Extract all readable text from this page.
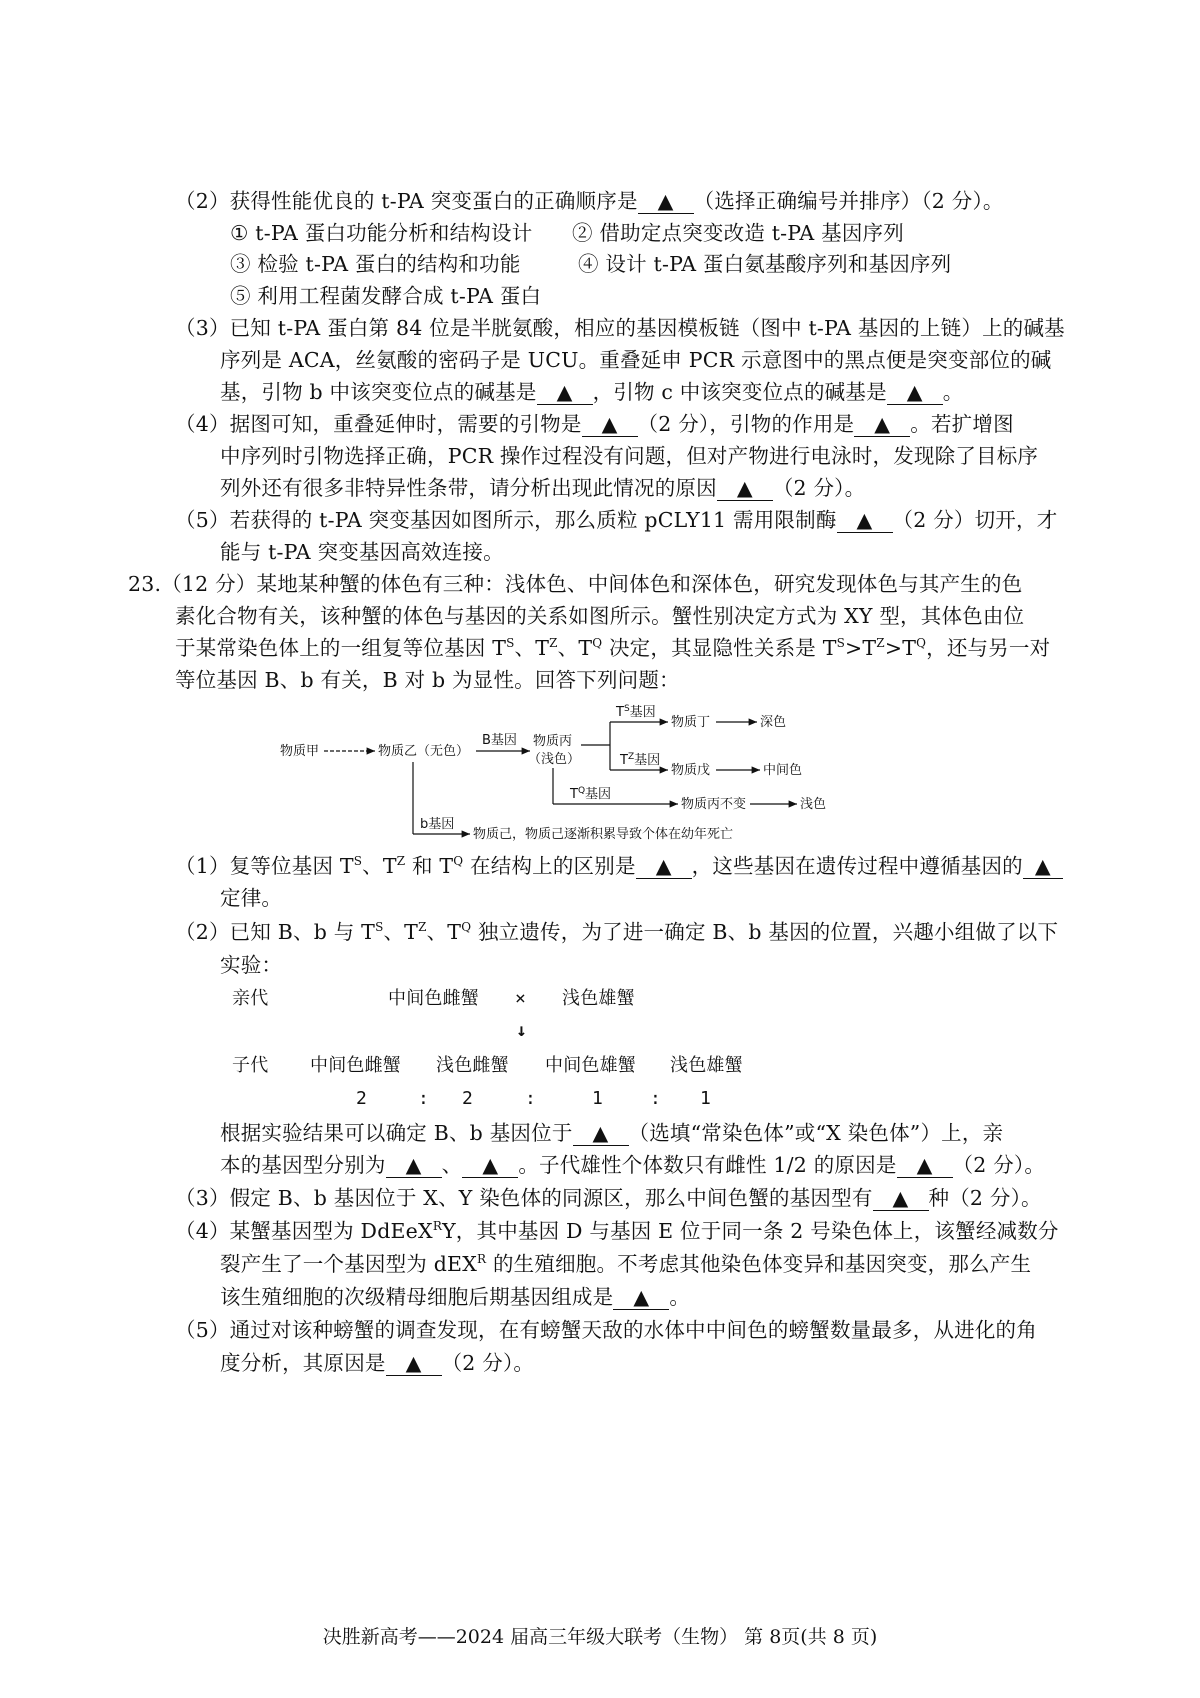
（2）获得性能优良的 t-PA 突变蛋白的正确顺序是 ▲ （选择正确编号并排序）（2 分）。
① t-PA 蛋白功能分析和结构设计 ② 借助定点突变改造 t-PA 基因序列
③ 检验 t-PA 蛋白的结构和功能	④ 设计 t-PA 蛋白氨基酸序列和基因序列
⑤ 利用工程菌发酵合成 t-PA 蛋白
（3）已知 t-PA 蛋白第 84 位是半胱氨酸，相应的基因模板链（图中 t-PA 基因的上链）上的碱基
序列是 ACA，丝氨酸的密码子是 UCU。重叠延申 PCR 示意图中的黑点便是突变部位的碱
基，引物 b 中该突变位点的碱基是 ▲ ，引物 c 中该突变位点的碱基是 ▲ 。
（4）据图可知，重叠延伸时，需要的引物是 ▲ （2 分），引物的作用是 ▲ 。若扩增图
中序列时引物选择正确，PCR 操作过程没有问题，但对产物进行电泳时，发现除了目标序
列外还有很多非特异性条带，请分析出现此情况的原因 ▲ （2 分）。
（5）若获得的 t-PA 突变基因如图所示，那么质粒 pCLY11 需用限制酶 ▲ （2 分）切开，才
能与 t-PA 突变基因高效连接。
23.（12 分）某地某种蟹的体色有三种：浅体色、中间体色和深体色，研究发现体色与其产生的色
素化合物有关，该种蟹的体色与基因的关系如图所示。蟹性别决定方式为 XY 型，其体色由位
于某常染色体上的一组复等位基因 $T^S$、$T^Z$、$T^Q$ 决定，其显隐性关系是 $T^S>T^Z>T^Q$，还与另一对
等位基因 B、b 有关，B 对 b 为显性。回答下列问题：
物质甲	物质乙（无色）
B基因 物质丙
（浅色）
$T^S$基因
物质丁	深色
$T^Z$基因
物质戊	中间色
$T^Q$基因
物质丙不变	浅色
b基因
物质己，物质己逐渐积累导致个体在幼年死亡
（1）复等位基因 $T^S$、$T^Z$ 和 $T^Q$ 在结构上的区别是 ▲ ，这些基因在遗传过程中遵循基因的 ▲
定律。
（2）已知 B、b 与 $T^S$、$T^Z$、$T^Q$ 独立遗传，为了进一确定 B、b 基因的位置，兴趣小组做了以下
实验：
亲代	中间色雌蟹 × 浅色雄蟹
↓
子代 中间色雌蟹 浅色雌蟹 中间色雄蟹 浅色雄蟹
2	: 2	:	1	: 1
根据实验结果可以确定 B、b 基因位于 ▲ （选填“常染色体”或“X 染色体”）上，亲
本的基因型分别为 ▲ 、 ▲ 。子代雄性个体数只有雌性 1/2 的原因是 ▲ （2 分）。
（3）假定 B、b 基因位于 X、Y 染色体的同源区，那么中间色蟹的基因型有 ▲ 种（2 分）。
（4）某蟹基因型为 DdEeX$^R$Y，其中基因 D 与基因 E 位于同一条 2 号染色体上，该蟹经减数分
裂产生了一个基因型为 dEX$^R$ 的生殖细胞。不考虑其他染色体变异和基因突变，那么产生
该生殖细胞的次级精母细胞后期基因组成是 ▲ 。
（5）通过对该种螃蟹的调查发现，在有螃蟹天敌的水体中中间色的螃蟹数量最多，从进化的角
度分析，其原因是 ▲ （2 分）。
决胜新高考——2024 届高三年级大联考（生物） 第 8页(共 8 页)
